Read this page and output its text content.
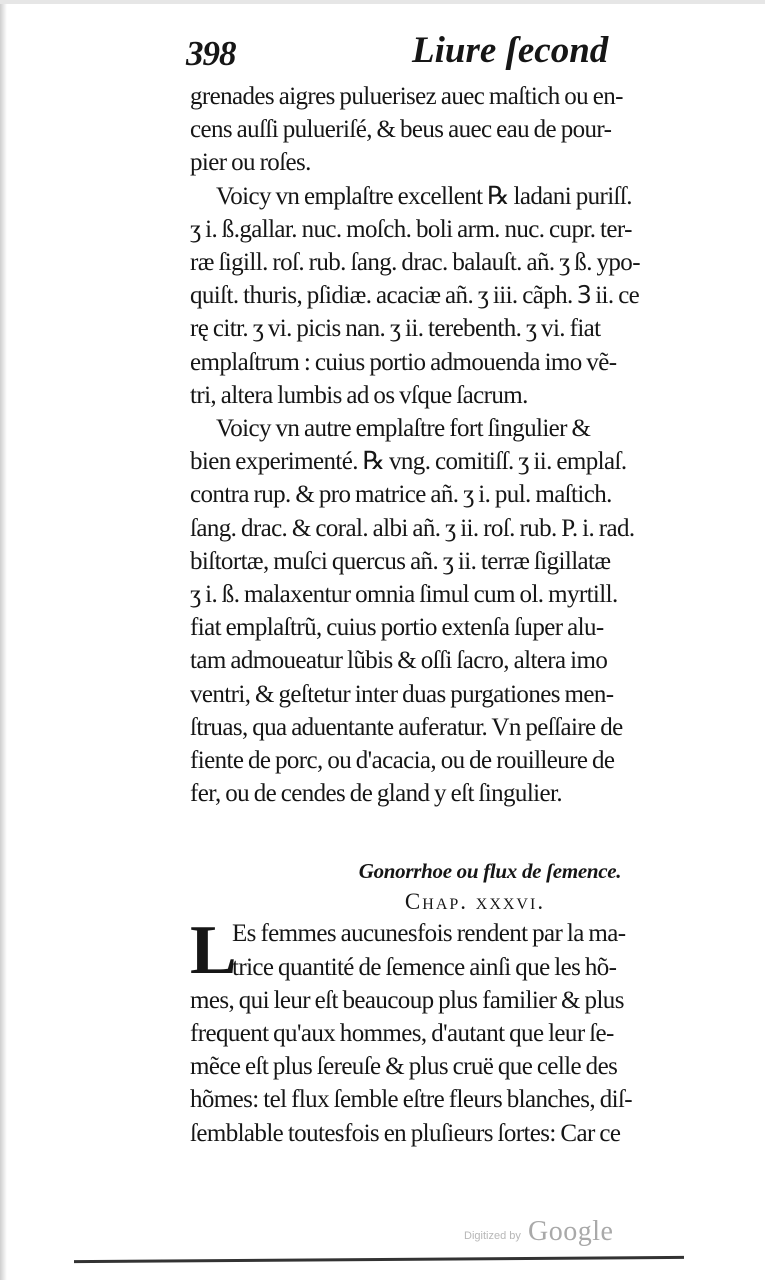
398	Liure ſecond
grenades aigres puluerisez auec maſtich ou en-
cens auſſi pulueriſé, & beus auec eau de pour-
pier ou roſes.
Voicy vn emplaſtre excellent ℞ ladani puriſſ.
ʒ i. ß.gallar. nuc. moſch. boli arm. nuc. cupr. ter-
ræ ſigill. roſ. rub. ſang. drac. balauſt. añ. ʒ ß. ypo-
quiſt. thuris, pſidiæ. acaciæ añ. ʒ iii. cãph. Ꝫ ii. ce
rę citr. ʒ vi. picis nan. ʒ ii. terebenth. ʒ vi. fiat
emplaſtrum : cuius portio admouenda imo vẽ-
tri, altera lumbis ad os vſque ſacrum.
Voicy vn autre emplaſtre fort ſingulier &
bien experimenté. ℞ vng. comitiſſ. ʒ ii. emplaſ.
contra rup. & pro matrice añ. ʒ i. pul. maſtich.
ſang. drac. & coral. albi añ. ʒ ii. roſ. rub. P. i. rad.
biſtortæ, muſci quercus añ. ʒ ii. terræ ſigillatæ
ʒ i. ß. malaxentur omnia ſimul cum ol. myrtill.
fiat emplaſtrũ, cuius portio extenſa ſuper alu-
tam admoueatur lũbis & oſſi ſacro, altera imo
ventri, & geſtetur inter duas purgationes men-
ſtruas, qua aduentante auferatur. Vn peſſaire de
fiente de porc, ou d'acacia, ou de rouilleure de
fer, ou de cendes de gland y eſt ſingulier.
Gonorrhoe ou flux de ſemence.
Chap. xxxvi.
L
Es femmes aucunesfois rendent par la ma-
trice quantité de ſemence ainſi que les hõ-
mes, qui leur eſt beaucoup plus familier & plus
frequent qu'aux hommes, d'autant que leur ſe-
mẽce eſt plus ſereuſe & plus cruë que celle des
hõmes: tel flux ſemble eſtre fleurs blanches, diſ-
ſemblable toutesfois en pluſieurs ſortes: Car ce
Digitized by Google
